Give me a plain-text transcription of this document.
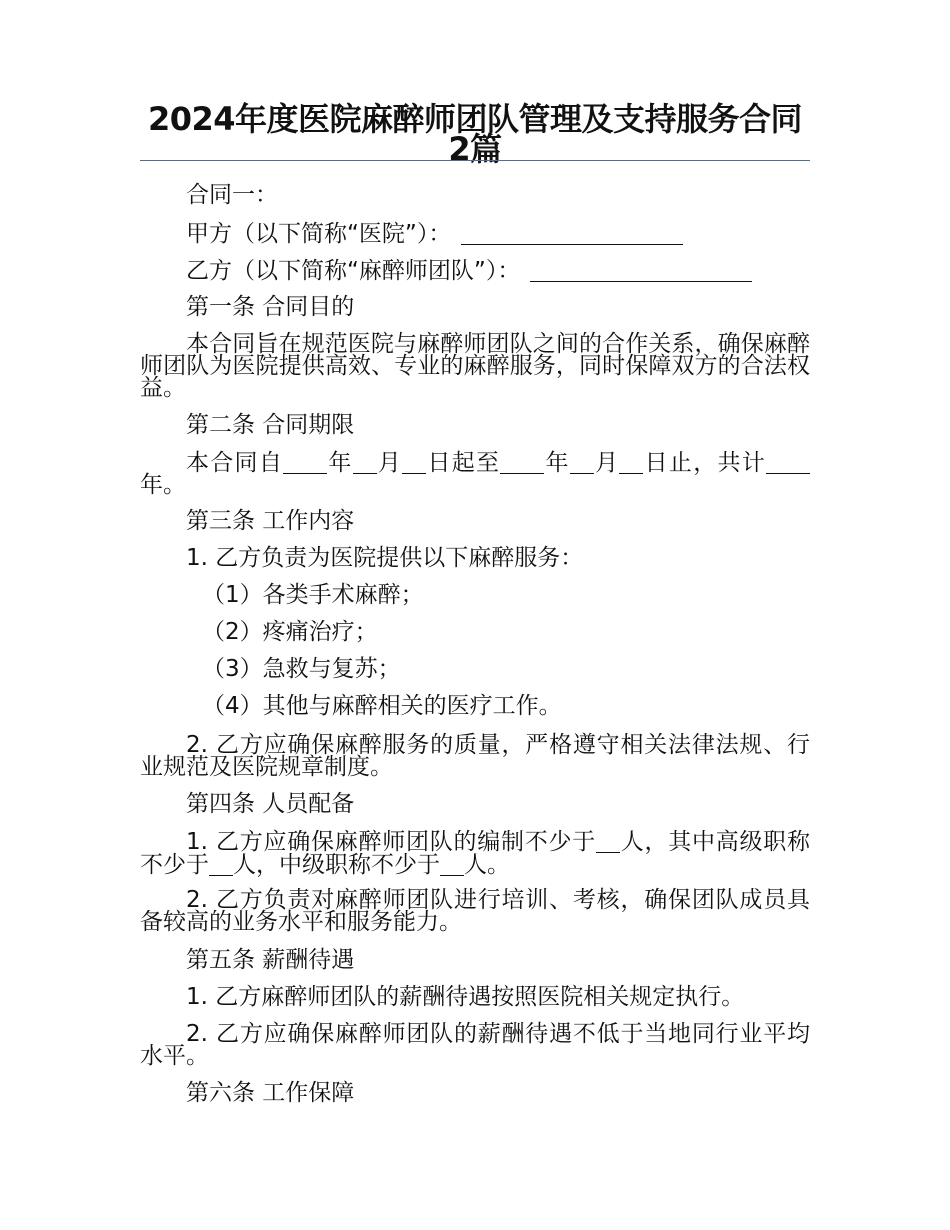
2024年度医院麻醉师团队管理及支持服务合同2篇
合同一：
甲方（以下简称“医院”）：
乙方（以下简称“麻醉师团队”）：
第一条 合同目的
本合同旨在规范医院与麻醉师团队之间的合作关系，确保麻醉师团队为医院提供高效、专业的麻醉服务，同时保障双方的合法权益。
第二条 合同期限
本合同自 年 月 日起至 年 月 日止，共计年。
第三条 工作内容
1. 乙方负责为医院提供以下麻醉服务：
（1）各类手术麻醉；
（2）疼痛治疗；
（3）急救与复苏；
（4）其他与麻醉相关的医疗工作。
2. 乙方应确保麻醉服务的质量，严格遵守相关法律法规、行业规范及医院规章制度。
第四条 人员配备
1. 乙方应确保麻醉师团队的编制不少于 人，其中高级职称不少于 人，中级职称不少于 人。
2. 乙方负责对麻醉师团队进行培训、考核，确保团队成员具备较高的业务水平和服务能力。
第五条 薪酬待遇
1. 乙方麻醉师团队的薪酬待遇按照医院相关规定执行。
2. 乙方应确保麻醉师团队的薪酬待遇不低于当地同行业平均水平。
第六条 工作保障
